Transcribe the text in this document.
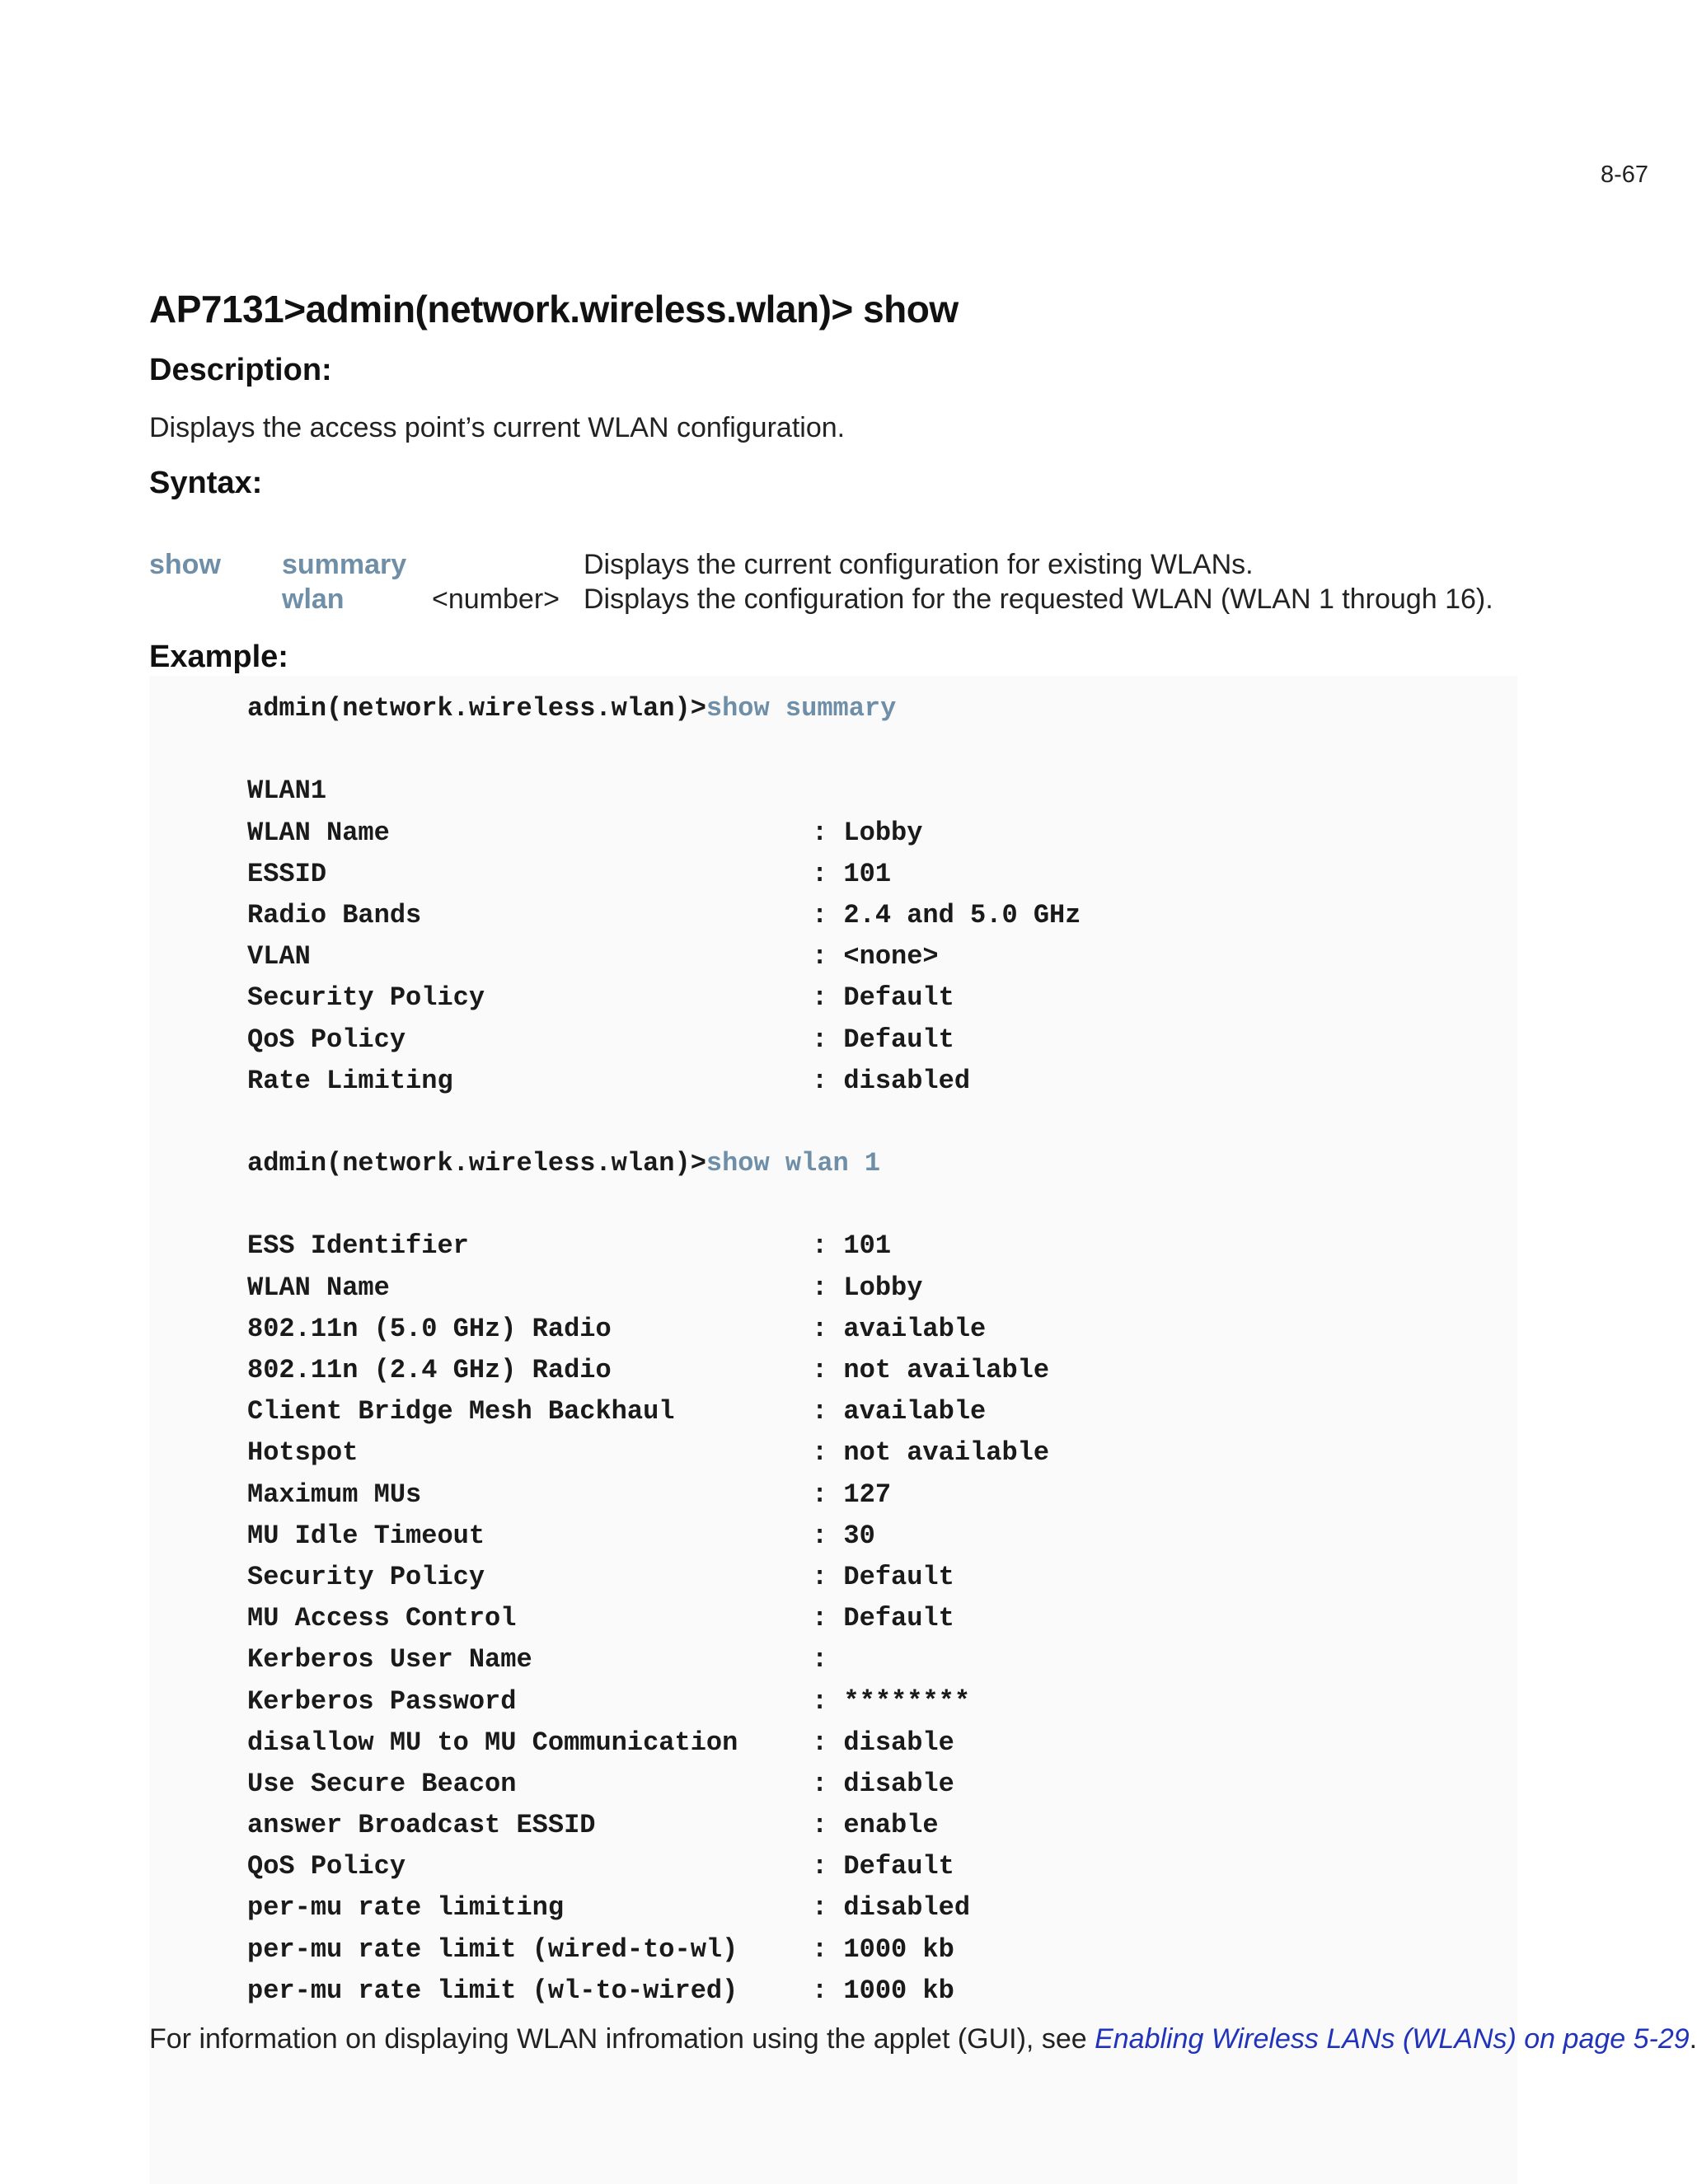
8-67
AP7131>admin(network.wireless.wlan)> show
Description:

Displays the access point’s current WLAN configuration.

Syntax:
show summary	Displays the current configuration for existing WLANs.
wlan	<number> Displays the configuration for the requested WLAN (WLAN 1 through 16).
Example:
admin(network.wireless.wlan)>show summary
WLAN1
WLAN Name	: Lobby
ESSID	: 101
Radio Bands	: 2.4 and 5.0 GHz
VLAN	: <none>
Security Policy	: Default
QoS Policy	: Default
Rate Limiting	: disabled
admin(network.wireless.wlan)>show wlan 1
ESS Identifier	: 101
WLAN Name	: Lobby
802.11n (5.0 GHz) Radio	: available
802.11n (2.4 GHz) Radio	: not available
Client Bridge Mesh Backhaul	: available
Hotspot	: not available
Maximum MUs	: 127
MU Idle Timeout	: 30
Security Policy	: Default
MU Access Control	: Default
Kerberos User Name	:
Kerberos Password	: ********
disallow MU to MU Communication	: disable
Use Secure Beacon	: disable
answer Broadcast ESSID	: enable
QoS Policy	: Default
per-mu rate limiting	: disabled
per-mu rate limit (wired-to-wl)	: 1000 kb
per-mu rate limit (wl-to-wired)	: 1000 kb

For information on displaying WLAN infromation using the applet (GUI), see Enabling Wireless LANs (WLANs) on page 5-29.
